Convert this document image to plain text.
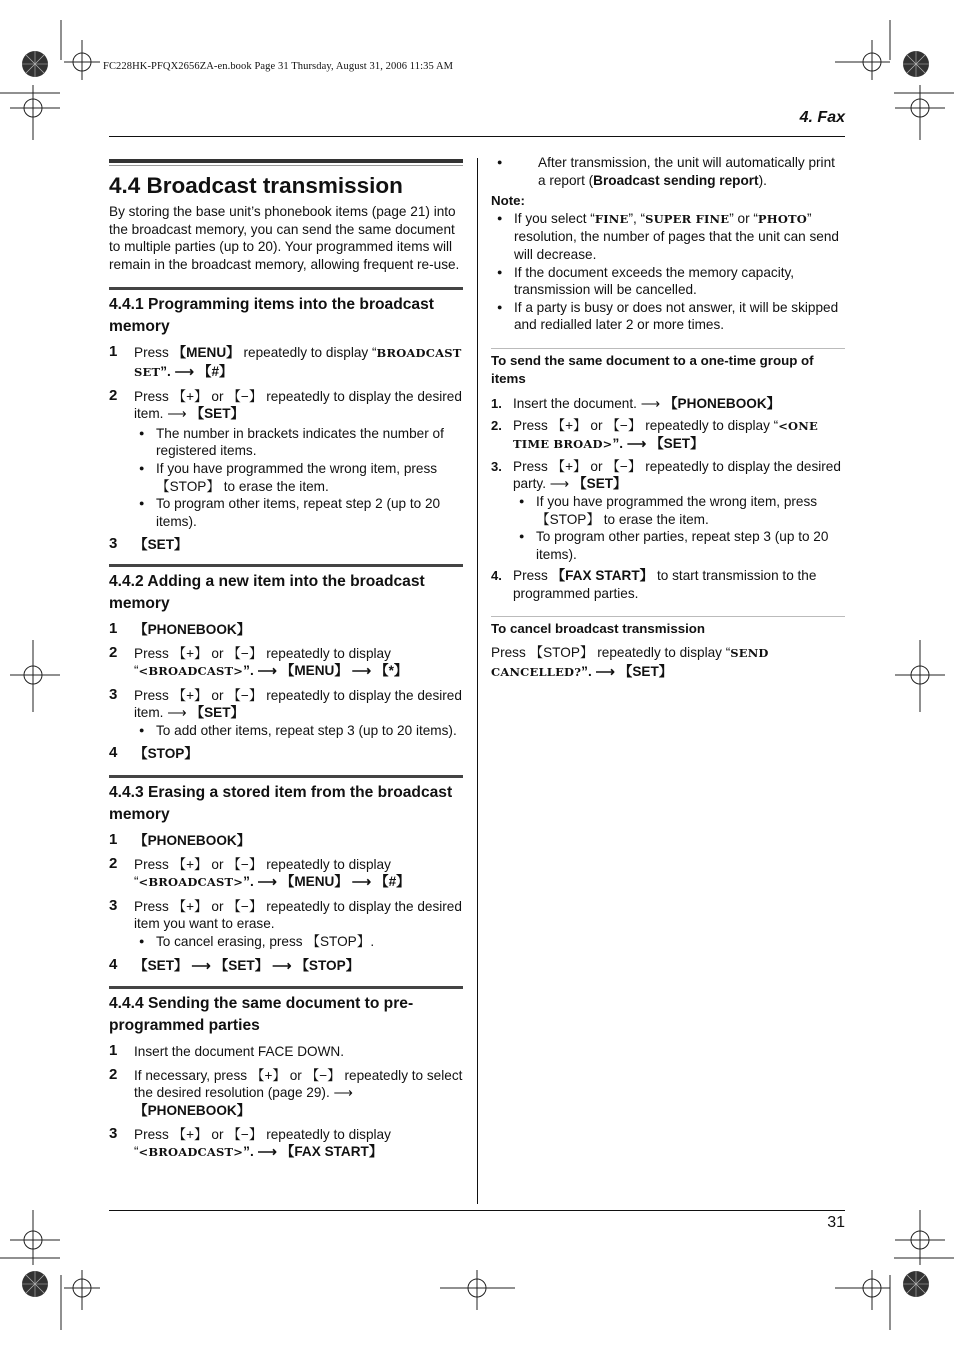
FC228HK-PFQX2656ZA-en.book Page 31 Thursday, August 31, 2006 11:35 AM
4. Fax
4.4 Broadcast transmission

By storing the base unit’s phonebook items (page 21) into the broadcast memory, you can send the same document to multiple parties (up to 20). Your programmed items will remain in the broadcast memory, allowing frequent re-use.

4.4.1 Programming items into the broadcast memory
1 Press 【MENU】 repeatedly to display “BROADCAST SET”. ⟶ 【#】
2 Press 【+】 or 【−】 repeatedly to display the desired item. ⟶ 【SET】

● The number in brackets indicates the number of registered items.

● If you have programmed the wrong item, press 【STOP】 to erase the item.

● To program other items, repeat step 2 (up to 20 items).

3 【SET】
4.4.2 Adding a new item into the broadcast memory
1 【PHONEBOOK】
2 Press 【+】 or 【−】 repeatedly to display “<BROADCAST>”. ⟶ 【MENU】 ⟶ 【*】
3 Press 【+】 or 【−】 repeatedly to display the desired item. ⟶ 【SET】

● To add other items, repeat step 3 (up to 20 items).

4 【STOP】
4.4.3 Erasing a stored item from the broadcast memory
1 【PHONEBOOK】
2 Press 【+】 or 【−】 repeatedly to display “<BROADCAST>”. ⟶ 【MENU】 ⟶ 【#】
3 Press 【+】 or 【−】 repeatedly to display the desired item you want to erase.

● To cancel erasing, press 【STOP】.

4 【SET】 ⟶ 【SET】 ⟶ 【STOP】
4.4.4 Sending the same document to pre-programmed parties
1 Insert the document FACE DOWN.
2 If necessary, press 【+】 or 【−】 repeatedly to select the desired resolution (page 29). ⟶ 【PHONEBOOK】
3 Press 【+】 or 【−】 repeatedly to display “<BROADCAST>”. ⟶ 【FAX START】

● After transmission, the unit will automatically print a report (Broadcast sending report).

Note:

● If you select “FINE”, “SUPER FINE” or “PHOTO” resolution, the number of pages that the unit can send will decrease.

● If the document exceeds the memory capacity, transmission will be cancelled.

● If a party is busy or does not answer, it will be skipped and redialled later 2 or more times.

To send the same document to a one-time group of items
1. Insert the document. ⟶ 【PHONEBOOK】
2. Press 【+】 or 【−】 repeatedly to display “<ONE TIME BROAD>”. ⟶ 【SET】
3. Press 【+】 or 【−】 repeatedly to display the desired party. ⟶ 【SET】

● If you have programmed the wrong item, press 【STOP】 to erase the item.

● To program other parties, repeat step 3 (up to 20 items).

4. Press 【FAX START】 to start transmission to the programmed parties.
To cancel broadcast transmission

Press 【STOP】 repeatedly to display “SEND CANCELLED?”. ⟶ 【SET】

31
